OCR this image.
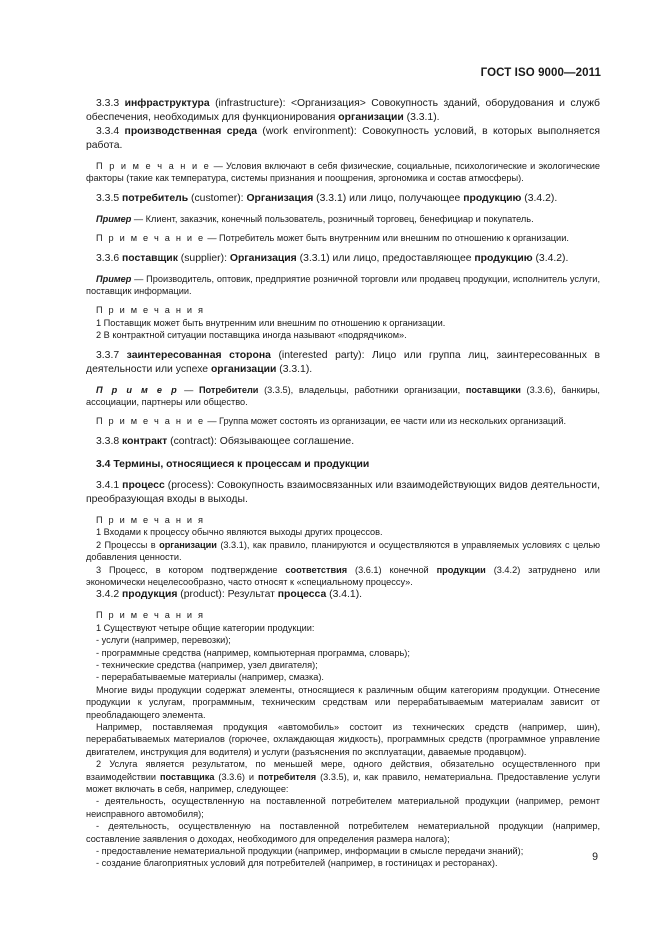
ГОСТ ISO 9000—2011

3.3.3 инфраструктура (infrastructure): <Организация> Совокупность зданий, оборудования и служб обеспечения, необходимых для функционирования организации (3.3.1).

3.3.4 производственная среда (work environment): Совокупность условий, в которых выполняется работа.

П р и м е ч а н и е — Условия включают в себя физические, социальные, психологические и экологические факторы (такие как температура, системы признания и поощрения, эргономика и состав атмосферы).

3.3.5 потребитель (customer): Организация (3.3.1) или лицо, получающее продукцию (3.4.2).

Пример — Клиент, заказчик, конечный пользователь, розничный торговец, бенефициар и покупатель.

П р и м е ч а н и е — Потребитель может быть внутренним или внешним по отношению к организации.

3.3.6 поставщик (supplier): Организация (3.3.1) или лицо, предоставляющее продукцию (3.4.2).

Пример — Производитель, оптовик, предприятие розничной торговли или продавец продукции, исполнитель услуги, поставщик информации.

П р и м е ч а н и я

1 Поставщик может быть внутренним или внешним по отношению к организации.

2 В контрактной ситуации поставщика иногда называют «подрядчиком».

3.3.7 заинтересованная сторона (interested party): Лицо или группа лиц, заинтересованных в деятельности или успехе организации (3.3.1).

П р и м е р — Потребители (3.3.5), владельцы, работники организации, поставщики (3.3.6), банкиры, ассоциации, партнеры или общество.

П р и м е ч а н и е — Группа может состоять из организации, ее части или из нескольких организаций.

3.3.8 контракт (contract): Обязывающее соглашение.

3.4 Термины, относящиеся к процессам и продукции

3.4.1 процесс (process): Совокупность взаимосвязанных или взаимодействующих видов деятельности, преобразующая входы в выходы.

П р и м е ч а н и я

1 Входами к процессу обычно являются выходы других процессов.

2 Процессы в организации (3.3.1), как правило, планируются и осуществляются в управляемых условиях с целью добавления ценности.

3 Процесс, в котором подтверждение соответствия (3.6.1) конечной продукции (3.4.2) затруднено или экономически нецелесообразно, часто относят к «специальному процессу».

3.4.2 продукция (product): Результат процесса (3.4.1).

П р и м е ч а н и я

1 Существуют четыре общие категории продукции:

- услуги (например, перевозки);

- программные средства (например, компьютерная программа, словарь);

- технические средства (например, узел двигателя);

- перерабатываемые материалы (например, смазка).

Многие виды продукции содержат элементы, относящиеся к различным общим категориям продукции. Отнесение продукции к услугам, программным, техническим средствам или перерабатываемым материалам зависит от преобладающего элемента.

Например, поставляемая продукция «автомобиль» состоит из технических средств (например, шин), перерабатываемых материалов (горючее, охлаждающая жидкость), программных средств (программное управление двигателем, инструкция для водителя) и услуги (разъяснения по эксплуатации, даваемые продавцом).

2 Услуга является результатом, по меньшей мере, одного действия, обязательно осуществленного при взаимодействии поставщика (3.3.6) и потребителя (3.3.5), и, как правило, нематериальна. Предоставление услуги может включать в себя, например, следующее:

- деятельность, осуществленную на поставленной потребителем материальной продукции (например, ремонт неисправного автомобиля);

- деятельность, осуществленную на поставленной потребителем нематериальной продукции (например, составление заявления о доходах, необходимого для определения размера налога);

- предоставление нематериальной продукции (например, информации в смысле передачи знаний);

- создание благоприятных условий для потребителей (например, в гостиницах и ресторанах).

9
